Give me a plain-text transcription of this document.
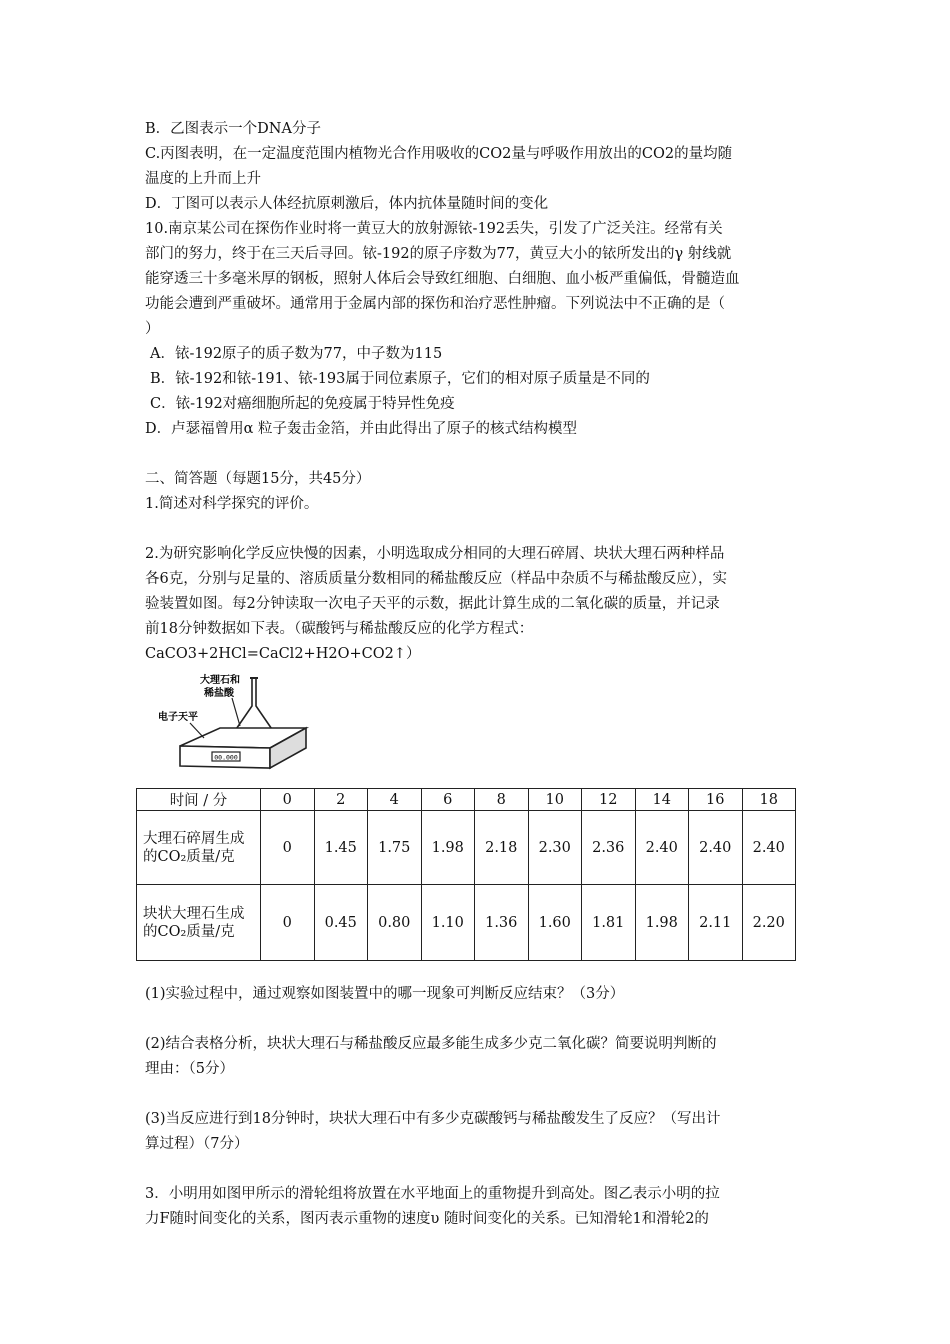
B．乙图表示一个DNA分子
C.丙图表明，在一定温度范围内植物光合作用吸收的CO2量与呼吸作用放出的CO2的量均随
温度的上升而上升
D．丁图可以表示人体经抗原刺激后，体内抗体量随时间的变化
10.南京某公司在探伤作业时将一黄豆大的放射源铱-192丢失，引发了广泛关注。经常有关
部门的努力，终于在三天后寻回。铱-192的原子序数为77，黄豆大小的铱所发出的γ 射线就
能穿透三十多毫米厚的钢板，照射人体后会导致红细胞、白细胞、血小板严重偏低，骨髓造血
功能会遭到严重破坏。通常用于金属内部的探伤和治疗恶性肿瘤。下列说法中不正确的是（
）
A．铱-192原子的质子数为77，中子数为115
B．铱-192和铱-191、铱-193属于同位素原子，它们的相对原子质量是不同的
C．铱-192对癌细胞所起的免疫属于特异性免疫
D．卢瑟福曾用α 粒子轰击金箔，并由此得出了原子的核式结构模型
二、简答题（每题15分，共45分）
1.简述对科学探究的评价。
2.为研究影响化学反应快慢的因素，小明选取成分相同的大理石碎屑、块状大理石两种样品
各6克，分别与足量的、溶质质量分数相同的稀盐酸反应（样品中杂质不与稀盐酸反应），实
验装置如图。每2分钟读取一次电子天平的示数，据此计算生成的二氧化碳的质量，并记录
前18分钟数据如下表。（碳酸钙与稀盐酸反应的化学方程式：
CaCO3+2HCl=CaCl2+H2O+CO2↑）
00.000
大理石和
稀盐酸
电子天平
时间 / 分	0	2	4	6	8	10	12	14	16	18
大理石碎屑生成的CO₂质量/克	0	1.45	1.75	1.98	2.18	2.30	2.36	2.40	2.40	2.40
块状大理石生成的CO₂质量/克	0	0.45	0.80	1.10	1.36	1.60	1.81	1.98	2.11	2.20
(1)实验过程中，通过观察如图装置中的哪一现象可判断反应结束？（3分）
(2)结合表格分析，块状大理石与稀盐酸反应最多能生成多少克二氧化碳？简要说明判断的
理由：（5分）
(3)当反应进行到18分钟时，块状大理石中有多少克碳酸钙与稀盐酸发生了反应？（写出计
算过程）（7分）
3．小明用如图甲所示的滑轮组将放置在水平地面上的重物提升到高处。图乙表示小明的拉
力F随时间变化的关系，图丙表示重物的速度υ 随时间变化的关系。已知滑轮1和滑轮2的
